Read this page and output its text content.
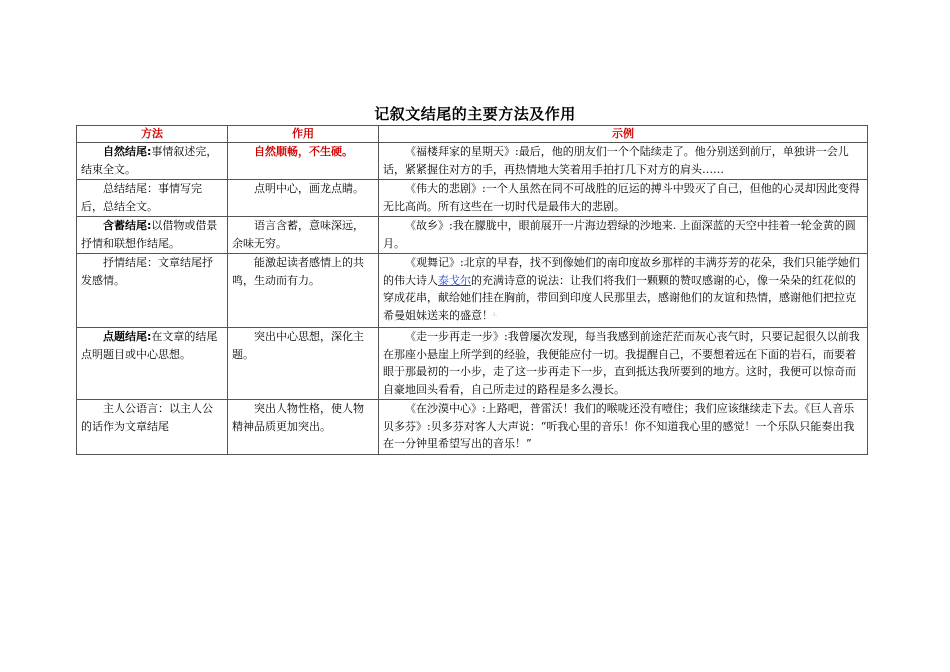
记叙文结尾的主要方法及作用
方法	作用	示例
自然结尾:事情叙述完，结束全文。	自然顺畅，不生硬。	《福楼拜家的星期天》:最后，他的朋友们一个个陆续走了。他分别送到前厅，单独讲一会儿话，紧紧握住对方的手，再热情地大笑着用手拍打几下对方的肩头……
总结结尾：事情写完后，总结全文。	点明中心，画龙点睛。	《伟大的悲剧》:一个人虽然在同不可战胜的厄运的搏斗中毁灭了自己，但他的心灵却因此变得无比高尚。所有这些在一切时代是最伟大的悲剧。
含蓄结尾:以借物或借景抒情和联想作结尾。	语言含蓄，意味深远，余味无穷。	《故乡》:我在朦胧中，眼前展开一片海边碧绿的沙地来. 上面深蓝的天空中挂着一轮金黄的圆月。
抒情结尾：文章结尾抒发感情。	能激起读者感情上的共鸣，生动而有力。	《观舞记》:北京的早春，找不到像她们的南印度故乡那样的丰满芬芳的花朵，我们只能学她们的伟大诗人泰戈尔的充满诗意的说法：让我们将我们一颗颗的赞叹感谢的心，像一朵朵的红花似的穿成花串，献给她们挂在胸前，带回到印度人民那里去，感谢他们的友谊和热情，感谢他们把拉克希曼姐妹送来的盛意！ᴸ
点题结尾:在文章的结尾点明题目或中心思想。	突出中心思想，深化主题。	《走一步再走一步》:我曾屡次发现，每当我感到前途茫茫而灰心丧气时，只要记起很久以前我在那座小悬崖上所学到的经验，我便能应付一切。我提醒自己，不要想着远在下面的岩石，而要着眼于那最初的一小步，走了这一步再走下一步，直到抵达我所要到的地方。这时，我便可以惊奇而自豪地回头看看，自己所走过的路程是多么漫长。
主人公语言：以主人公的话作为文章结尾	突出人物性格，使人物精神品质更加突出。	《在沙漠中心》:上路吧，普雷沃！我们的喉咙还没有噎住；我们应该继续走下去。《巨人音乐贝多芬》:贝多芬对客人大声说：“听我心里的音乐！你不知道我心里的感觉！一个乐队只能奏出我在一分钟里希望写出的音乐！”
